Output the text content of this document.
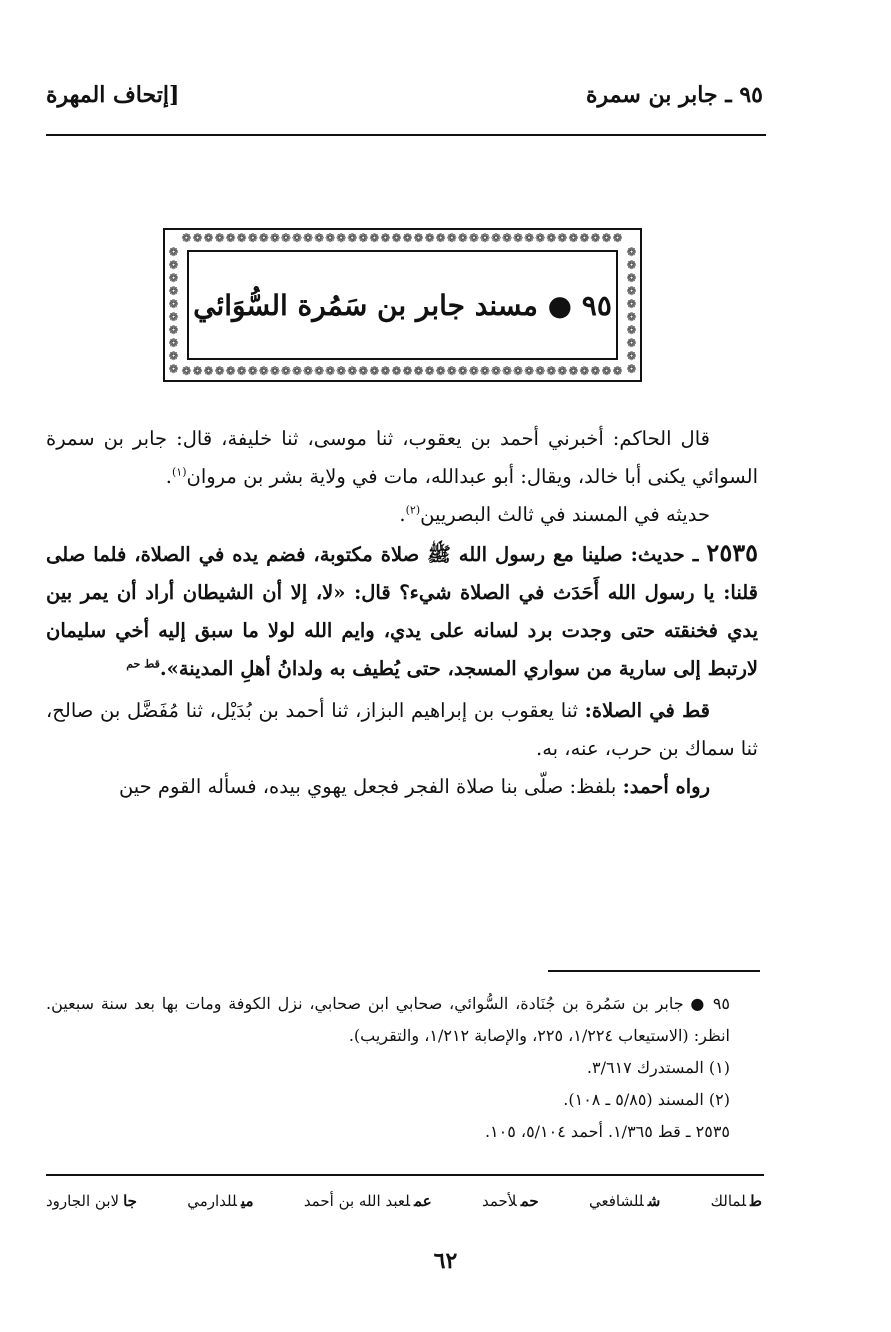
٩٥ ـ جابر بن سمرة
[إتحاف المهرة
❁❁❁❁❁❁❁❁❁❁❁❁❁❁❁❁❁❁❁❁❁❁❁❁❁❁❁❁❁❁❁❁❁❁❁❁❁❁❁❁
❁❁❁❁❁❁❁❁❁❁❁❁❁❁❁❁❁❁❁❁❁❁❁❁❁❁❁❁❁❁❁❁❁❁❁❁❁❁❁❁
❁❁❁❁❁❁❁❁❁❁
❁❁❁❁❁❁❁❁❁❁
٩٥ ● مسند جابر بن سَمُرة السُّوَائي

قال الحاكم: أخبرني أحمد بن يعقوب، ثنا موسى، ثنا خليفة، قال: جابر بن سمرة السوائي يكنى أبا خالد، ويقال: أبو عبدالله، مات في ولاية بشر بن مروان$^{(١)}$.

حديثه في المسند في ثالث البصريين$^{(٢)}$.

٢٥٣٥ ـ حديث: صلينا مع رسول الله ﷺ صلاة مكتوبة، فضم يده في الصلاة، فلما صلى قلنا: يا رسول الله أَحَدَث في الصلاة شيء؟ قال: «لا، إلا أن الشيطان أراد أن يمر بين يدي فخنقته حتى وجدت برد لسانه على يدي، وايم الله لولا ما سبق إليه أخي سليمان لارتبط إلى سارية من سواري المسجد، حتى يُطيف به ولدانُ أهلِ المدينة».$^{قط حم}$

قط في الصلاة: ثنا يعقوب بن إبراهيم البزاز، ثنا أحمد بن بُدَيْل، ثنا مُفَضَّل بن صالح، ثنا سماك بن حرب، عنه، به.

رواه أحمد: بلفظ: صلّى بنا صلاة الفجر فجعل يهوي بيده، فسأله القوم حين

٩٥ ● جابر بن سَمُرة بن جُنَادة، السُّوائي، صحابي ابن صحابي، نزل الكوفة ومات بها بعد سنة سبعين. انظر: (الاستيعاب ١/٢٢٤، ٢٢٥، والإصابة ١/٢١٢، والتقريب).

(١) المستدرك ٣/٦١٧.

(٢) المسند (٥/٨٥ ـ ١٠٨).

٢٥٣٥ ـ قط ١/٣٦٥. أحمد ٥/١٠٤، ١٠٥.

طلمالك
شللشافعي
حملأحمد
عملعبد الله بن أحمد
ميللدارمي
جالابن الجارود
٦٢
